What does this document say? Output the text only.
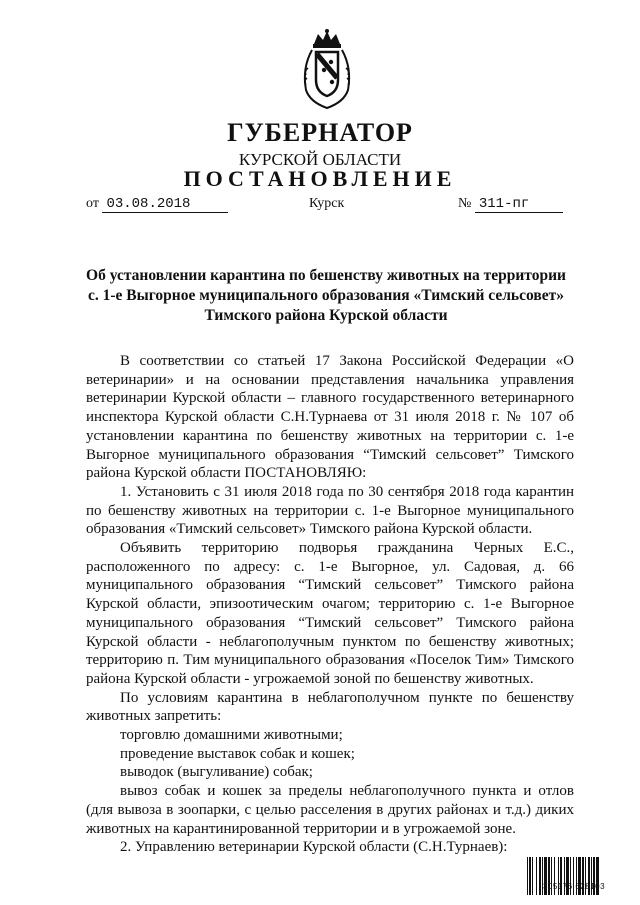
ГУБЕРНАТОР
КУРСКОЙ ОБЛАСТИ
ПОСТАНОВЛЕНИЕ
от 03.08.2018	Курск	№ 311-пг
Об установлении карантина по бешенству животных на территории
с. 1-е Выгорное муниципального образования «Тимский сельсовет»
Тимского района Курской области

В соответствии со статьей 17 Закона Российской Федерации «О ветеринарии» и на основании представления начальника управления ветеринарии Курской области – главного государственного ветеринарного инспектора Курской области С.Н.Турнаева от 31 июля 2018 г. № 107 об установлении карантина по бешенству животных на территории с. 1-е Выгорное муниципального образования “Тимский сельсовет” Тимского района Курской области ПОСТАНОВЛЯЮ:

1. Установить с 31 июля 2018 года по 30 сентября 2018 года карантин по бешенству животных на территории с. 1-е Выгорное муниципального образования «Тимский сельсовет» Тимского района Курской области.

Объявить территорию подворья гражданина Черных Е.С., расположенного по адресу: с. 1-е Выгорное, ул. Садовая, д. 66 муниципального образования “Тимский сельсовет” Тимского района Курской области, эпизоотическим очагом; территорию с. 1-е Выгорное муниципального образования “Тимский сельсовет” Тимского района Курской области - неблагополучным пунктом по бешенству животных; территорию п. Тим муниципального образования «Поселок Тим» Тимского района Курской области - угрожаемой зоной по бешенству животных.

По условиям карантина в неблагополучном пункте по бешенству животных запретить:

торговлю домашними животными;

проведение выставок собак и кошек;

выводок (выгуливание) собак;

вывоз собак и кошек за пределы неблагополучного пункта и отлов (для вывоза в зоопарки, с целью расселения в других районах и т.д.) диких животных на карантинированной территории и в угрожаемой зоне.

2. Управлению ветеринарии Курской области (С.Н.Турнаев):

305176 628103
